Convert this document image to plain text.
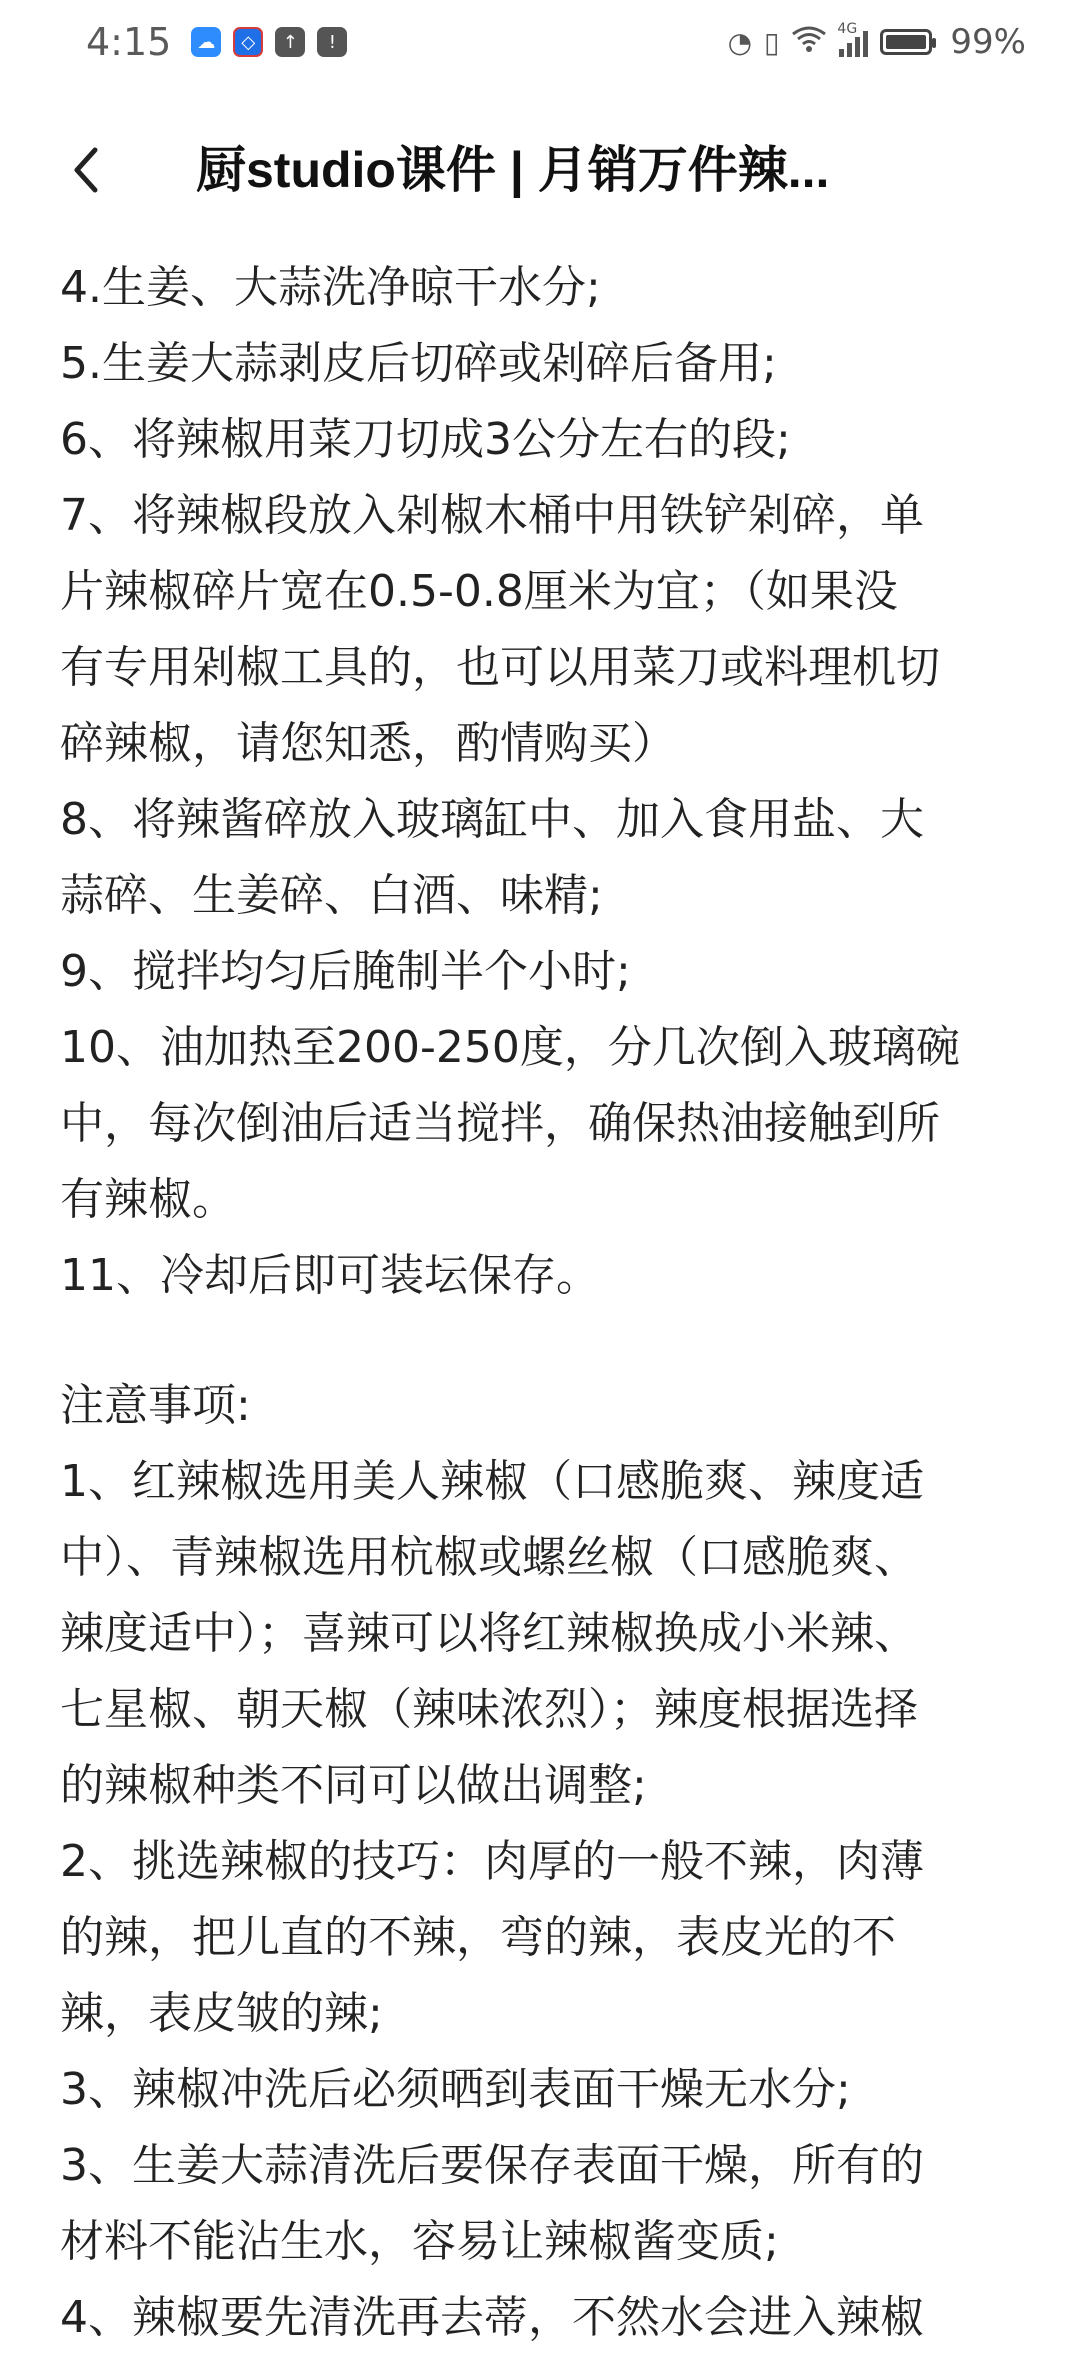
4:15	☁	◇	↑	!	◔ ▯	4G	99%
厨studio课件 | 月销万件辣...
4.生姜、大蒜洗净晾干水分;
5.生姜大蒜剥皮后切碎或剁碎后备用;
6、将辣椒用菜刀切成3公分左右的段;
7、将辣椒段放入剁椒木桶中用铁铲剁碎，单
片辣椒碎片宽在0.5-0.8厘米为宜；（如果没
有专用剁椒工具的，也可以用菜刀或料理机切
碎辣椒，请您知悉，酌情购买）
8、将辣酱碎放入玻璃缸中、加入食用盐、大
蒜碎、生姜碎、白酒、味精;
9、搅拌均匀后腌制半个小时;
10、油加热至200-250度，分几次倒入玻璃碗
中，每次倒油后适当搅拌，确保热油接触到所
有辣椒。
11、冷却后即可装坛保存。
注意事项:
1、红辣椒选用美人辣椒（口感脆爽、辣度适
中）、青辣椒选用杭椒或螺丝椒（口感脆爽、
辣度适中）；喜辣可以将红辣椒换成小米辣、
七星椒、朝天椒（辣味浓烈）；辣度根据选择
的辣椒种类不同可以做出调整;
2、挑选辣椒的技巧：肉厚的一般不辣，肉薄
的辣，把儿直的不辣，弯的辣，表皮光的不
辣，表皮皱的辣;
3、辣椒冲洗后必须晒到表面干燥无水分;
3、生姜大蒜清洗后要保存表面干燥，所有的
材料不能沾生水，容易让辣椒酱变质;
4、辣椒要先清洗再去蒂，不然水会进入辣椒
